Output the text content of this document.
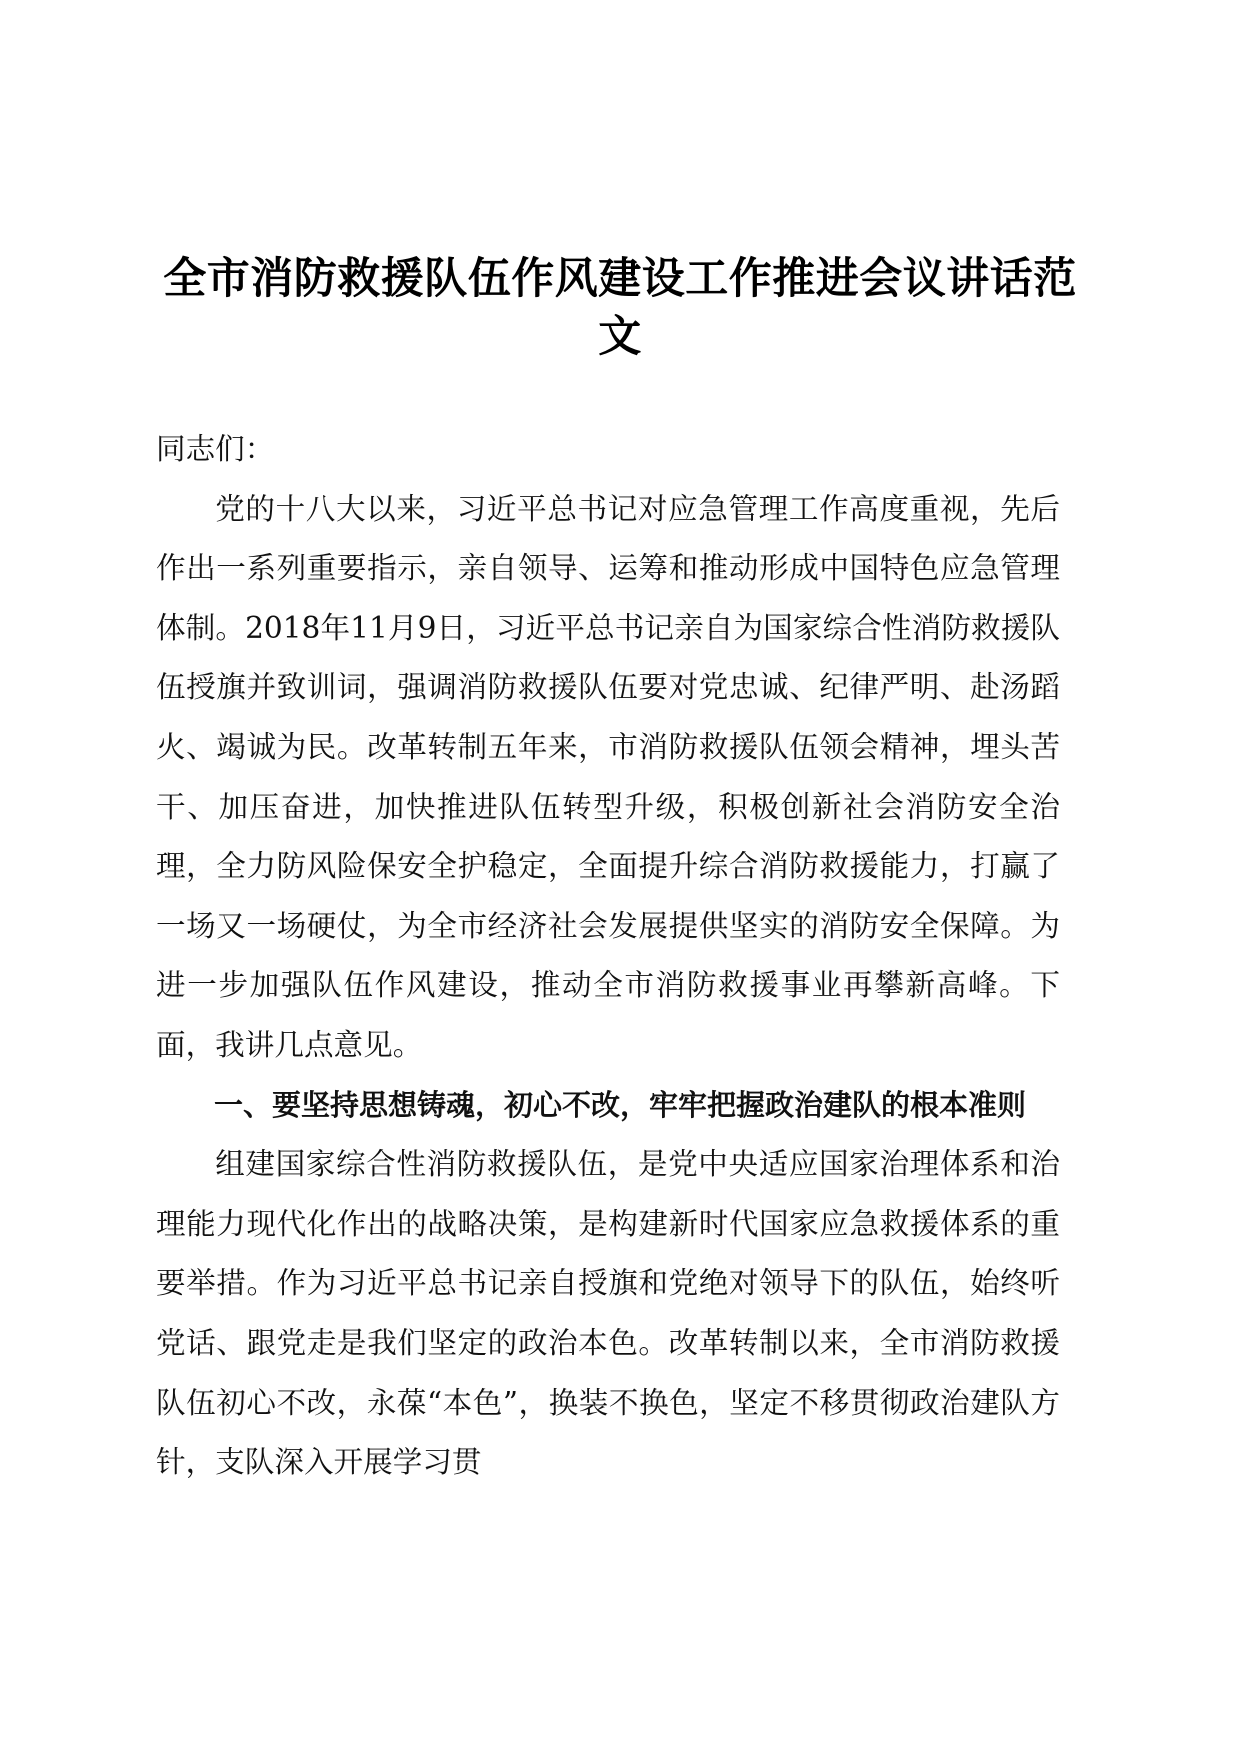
全市消防救援队伍作风建设工作推进会议讲话范文

同志们：

党的十八大以来，习近平总书记对应急管理工作高度重视，先后作出一系列重要指示，亲自领导、运筹和推动形成中国特色应急管理体制。2018年11月9日，习近平总书记亲自为国家综合性消防救援队伍授旗并致训词，强调消防救援队伍要对党忠诚、纪律严明、赴汤蹈火、竭诚为民。改革转制五年来，市消防救援队伍领会精神，埋头苦干、加压奋进，加快推进队伍转型升级，积极创新社会消防安全治理，全力防风险保安全护稳定，全面提升综合消防救援能力，打赢了一场又一场硬仗，为全市经济社会发展提供坚实的消防安全保障。为进一步加强队伍作风建设，推动全市消防救援事业再攀新高峰。下面，我讲几点意见。

一、要坚持思想铸魂，初心不改，牢牢把握政治建队的根本准则

组建国家综合性消防救援队伍，是党中央适应国家治理体系和治理能力现代化作出的战略决策，是构建新时代国家应急救援体系的重要举措。作为习近平总书记亲自授旗和党绝对领导下的队伍，始终听党话、跟党走是我们坚定的政治本色。改革转制以来，全市消防救援队伍初心不改，永葆“本色”，换装不换色，坚定不移贯彻政治建队方针，支队深入开展学习贯
